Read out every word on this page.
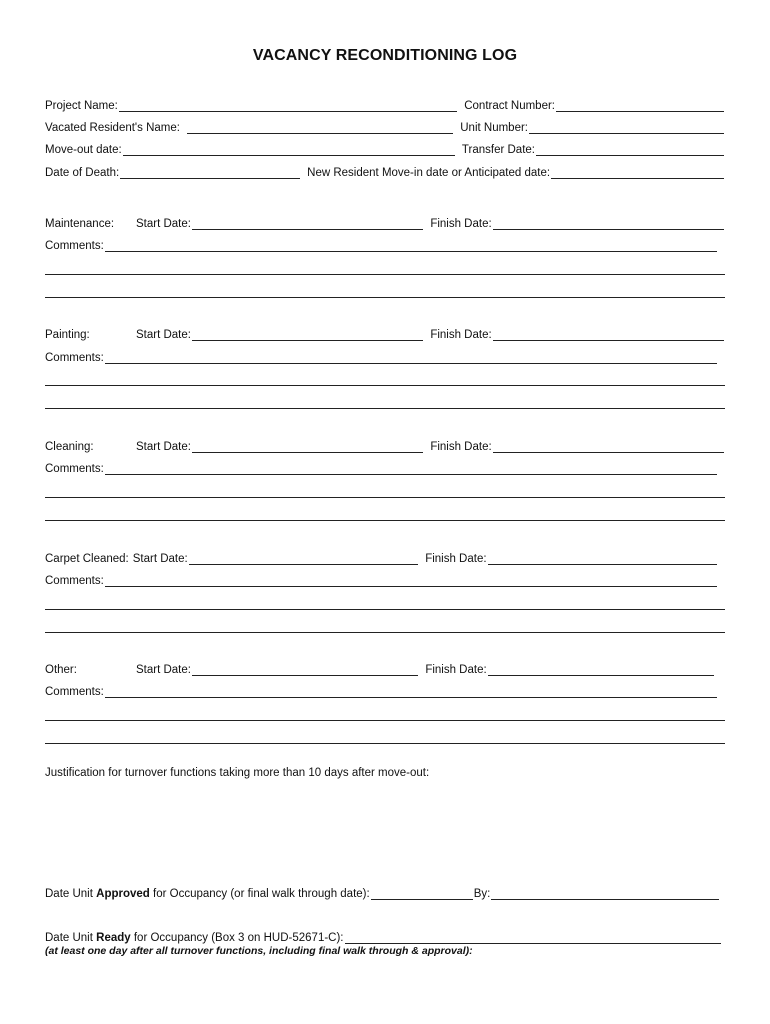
VACANCY RECONDITIONING LOG
Project Name:	Contract Number:
Vacated Resident's Name:	Unit Number:
Move-out date:	Transfer Date:
Date of Death:	New Resident Move-in date or Anticipated date:
Maintenance:	Start Date:	Finish Date:
Comments:
Painting:	Start Date:	Finish Date:
Comments:
Cleaning:	Start Date:	Finish Date:
Comments:
Carpet Cleaned: Start Date:	Finish Date:
Comments:
Other:	Start Date:	Finish Date:
Comments:
Justification for turnover functions taking more than 10 days after move-out:
Date Unit Approved for Occupancy (or final walk through date):	By:
Date Unit Ready for Occupancy (Box 3 on HUD-52671-C):
(at least one day after all turnover functions, including final walk through & approval):
